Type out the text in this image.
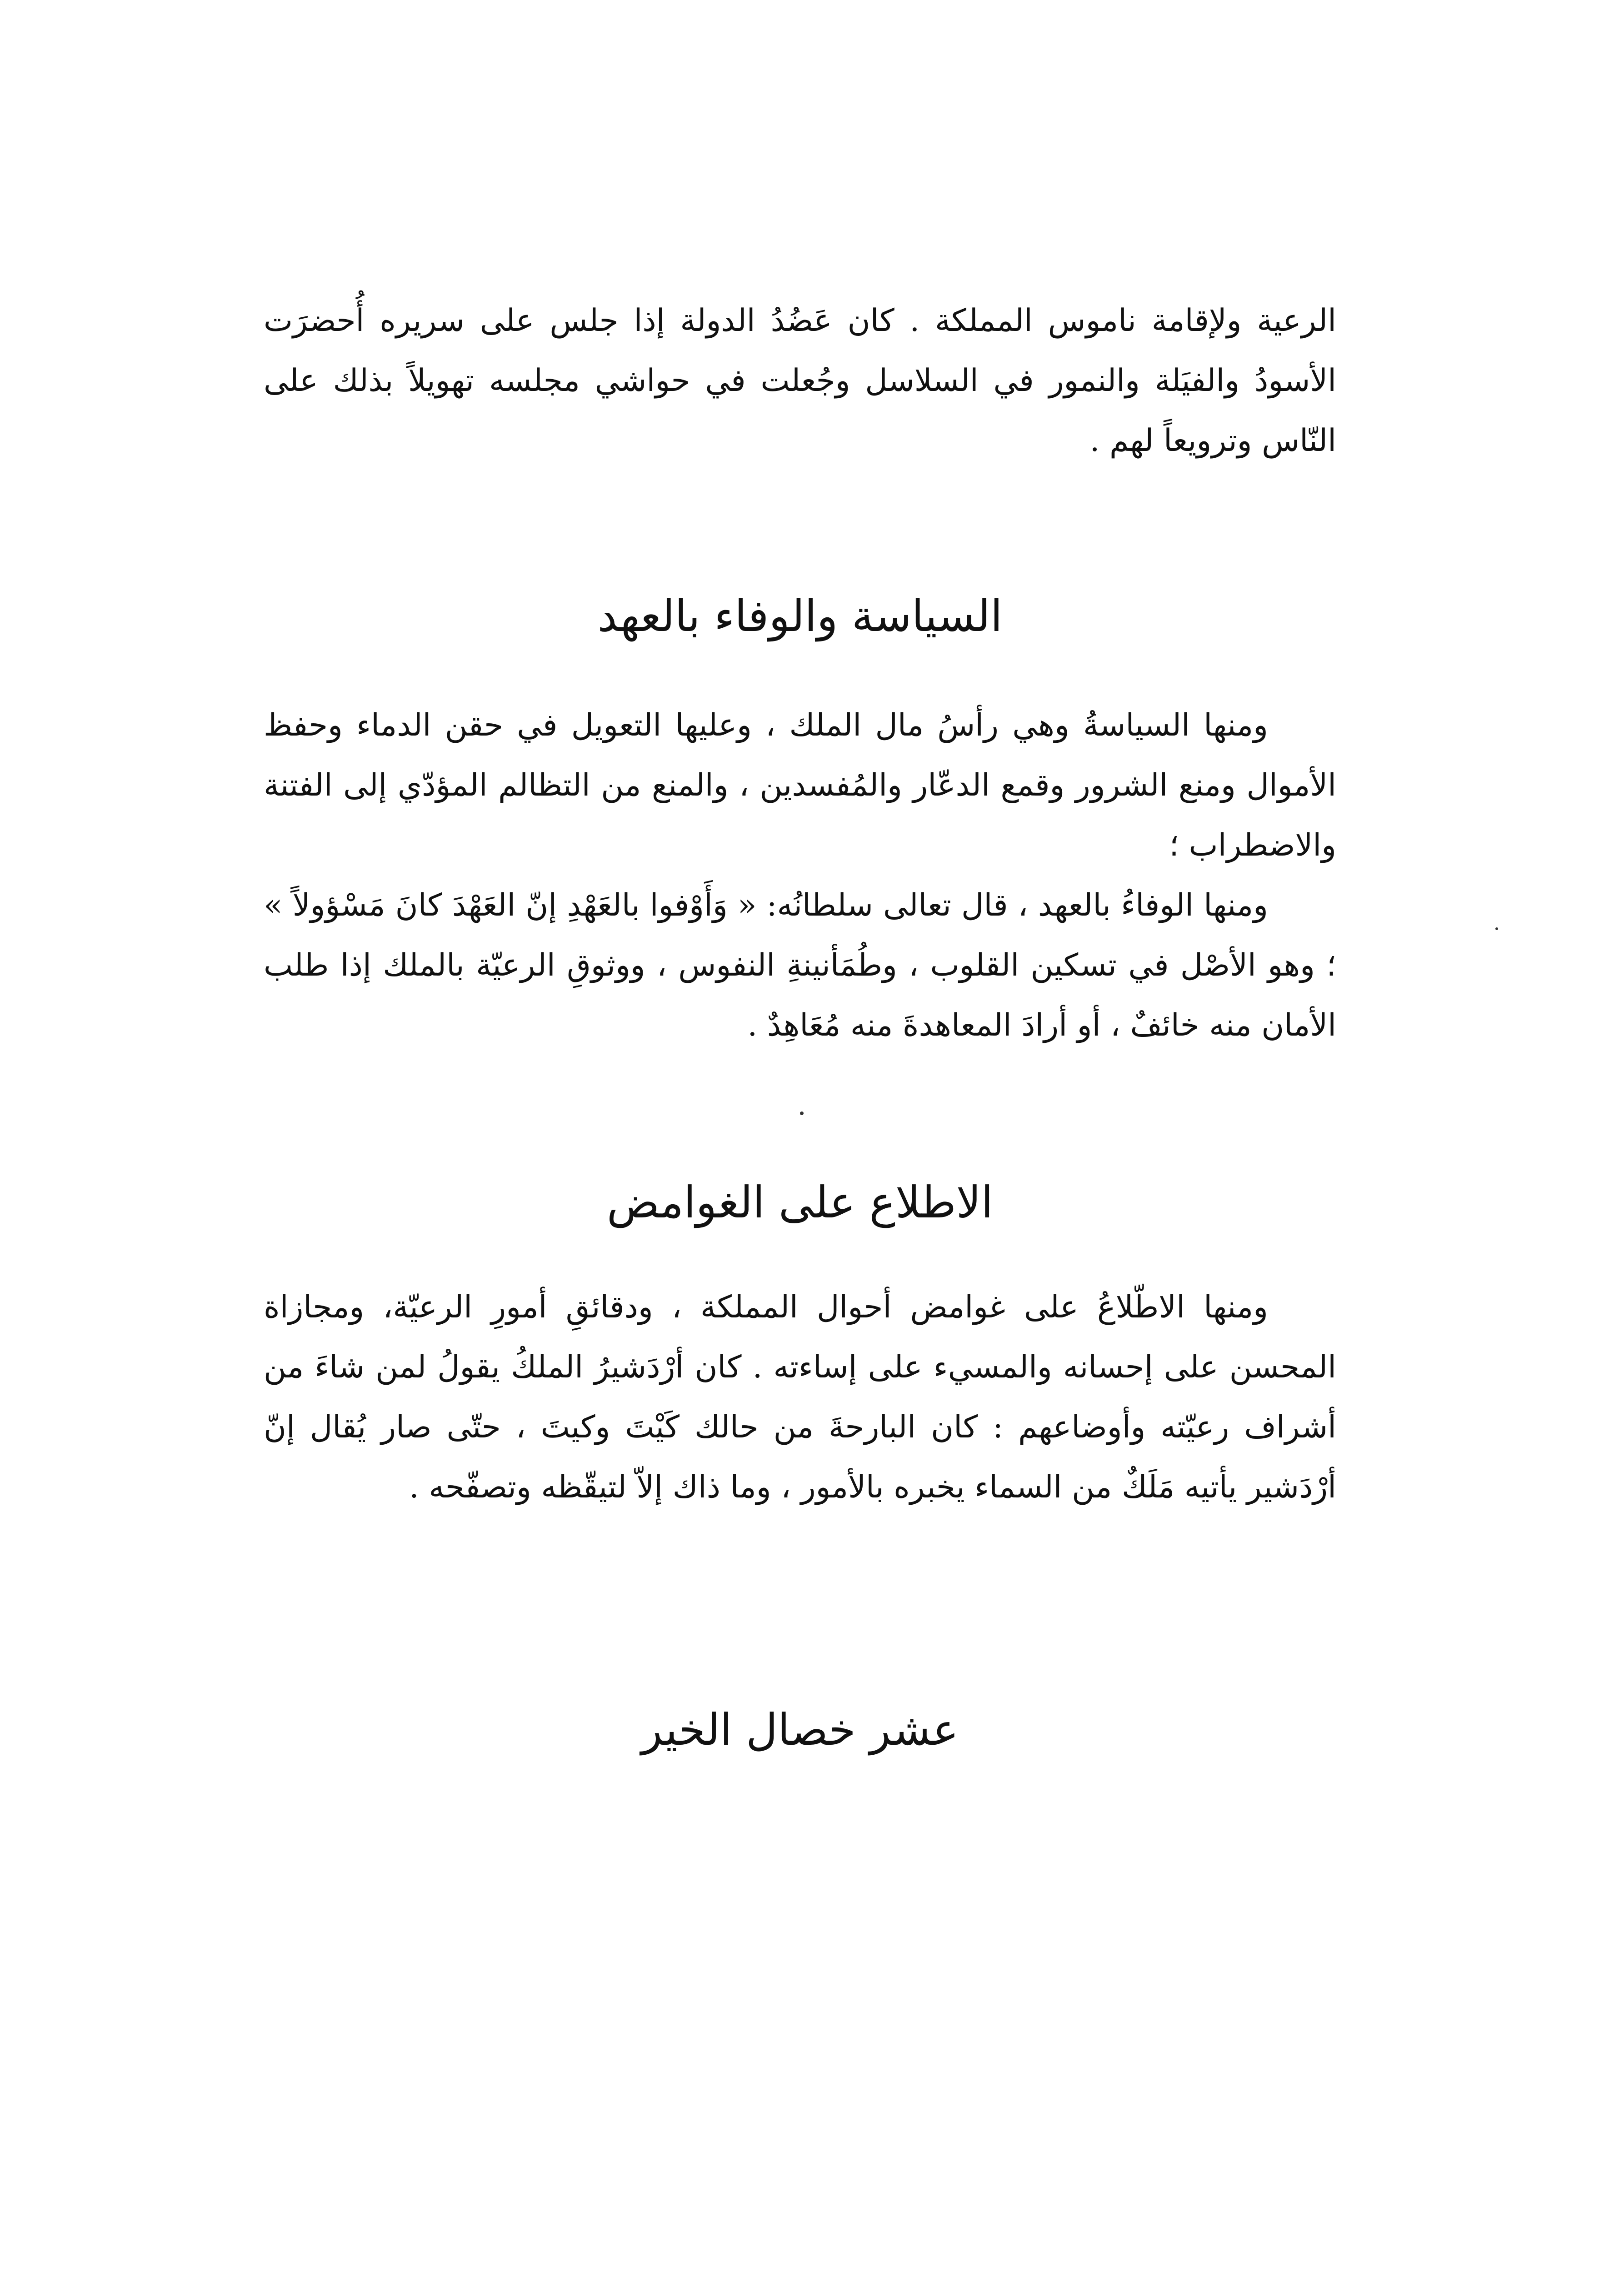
الرعية ولإقامة ناموس المملكة . كان عَضُدُ الدولة إذا جلس على سريره أُحضرَت الأسودُ والفيَلة والنمور في السلاسل وجُعلت في حواشي مجلسه تهويلاً بذلك على النّاس وترويعاً لهم .

السياسة والوفاء بالعهد

ومنها السياسةُ وهي رأسُ مال الملك ، وعليها التعويل في حقن الدماء وحفظ الأموال ومنع الشرور وقمع الدعّار والمُفسدين ، والمنع من التظالم المؤدّي إلى الفتنة والاضطراب ؛

ومنها الوفاءُ بالعهد ، قال تعالى سلطانُه: « وَأَوْفوا بالعَهْدِ إنّ العَهْدَ كانَ مَسْؤولاً » ؛ وهو الأصْل في تسكين القلوب ، وطُمَأنينةِ النفوس ، ووثوقِ الرعيّة بالملك إذا طلب الأمان منه خائفٌ ، أو أرادَ المعاهدةَ منه مُعَاهِدٌ .

الاطلاع على الغوامض

ومنها الاطّلاعُ على غوامض أحوال المملكة ، ودقائقِ أمورِ الرعيّة، ومجازاة المحسن على إحسانه والمسيء على إساءته . كان أرْدَشيرُ الملكُ يقولُ لمن شاءَ من أشراف رعيّته وأوضاعهم : كان البارحةَ من حالك كَيْتَ وكيتَ ، حتّى صار يُقال إنّ أرْدَشير يأتيه مَلَكٌ من السماء يخبره بالأمور ، وما ذاك إلاّ لتيقّظه وتصفّحه .

عشر خصال الخير
